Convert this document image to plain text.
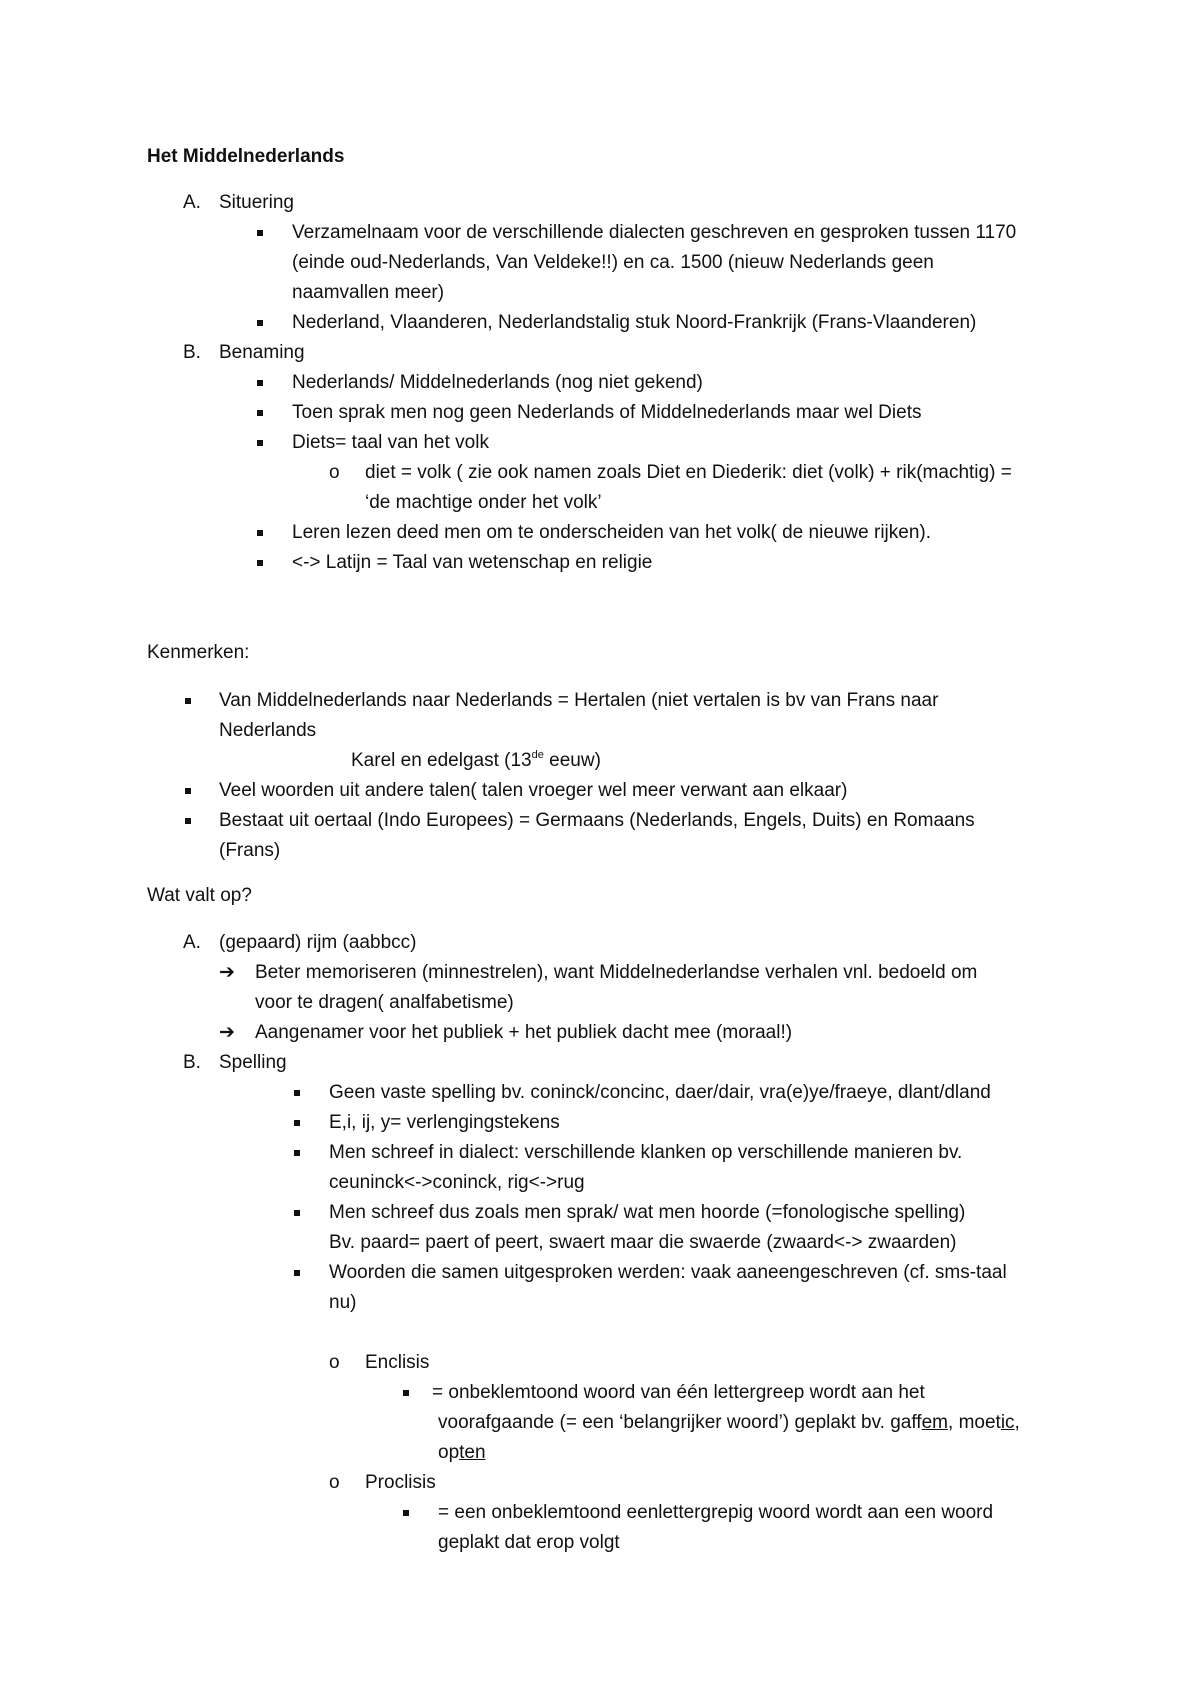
Het Middelnederlands
A. Situering
Verzamelnaam voor de verschillende dialecten geschreven en gesproken tussen 1170
(einde oud-Nederlands, Van Veldeke!!) en ca. 1500 (nieuw Nederlands geen
naamvallen meer)
Nederland, Vlaanderen, Nederlandstalig stuk Noord-Frankrijk (Frans-Vlaanderen)
B. Benaming
Nederlands/ Middelnederlands (nog niet gekend)
Toen sprak men nog geen Nederlands of Middelnederlands maar wel Diets
Diets= taal van het volk
o diet = volk ( zie ook namen zoals Diet en Diederik: diet (volk) + rik(machtig) =
‘de machtige onder het volk’
Leren lezen deed men om te onderscheiden van het volk( de nieuwe rijken).
<-> Latijn = Taal van wetenschap en religie
Kenmerken:
Van Middelnederlands naar Nederlands = Hertalen (niet vertalen is bv van Frans naar
Nederlands
Karel en edelgast (13de eeuw)
Veel woorden uit andere talen( talen vroeger wel meer verwant aan elkaar)
Bestaat uit oertaal (Indo Europees) = Germaans (Nederlands, Engels, Duits) en Romaans
(Frans)
Wat valt op?
A. (gepaard) rijm (aabbcc)
➔ Beter memoriseren (minnestrelen), want Middelnederlandse verhalen vnl. bedoeld om
voor te dragen( analfabetisme)
➔ Aangenamer voor het publiek + het publiek dacht mee (moraal!)
B. Spelling
Geen vaste spelling bv. coninck/concinc, daer/dair, vra(e)ye/fraeye, dlant/dland
E,i, ij, y= verlengingstekens
Men schreef in dialect: verschillende klanken op verschillende manieren bv.
ceuninck<->coninck, rig<->rug
Men schreef dus zoals men sprak/ wat men hoorde (=fonologische spelling)
Bv. paard= paert of peert, swaert maar die swaerde (zwaard<-> zwaarden)
Woorden die samen uitgesproken werden: vaak aaneengeschreven (cf. sms-taal
nu)
o Enclisis
= onbeklemtoond woord van één lettergreep wordt aan het
voorafgaande (= een ‘belangrijker woord’) geplakt bv. gaffem, moetic,
opten
o Proclisis
= een onbeklemtoond eenlettergrepig woord wordt aan een woord
geplakt dat erop volgt
